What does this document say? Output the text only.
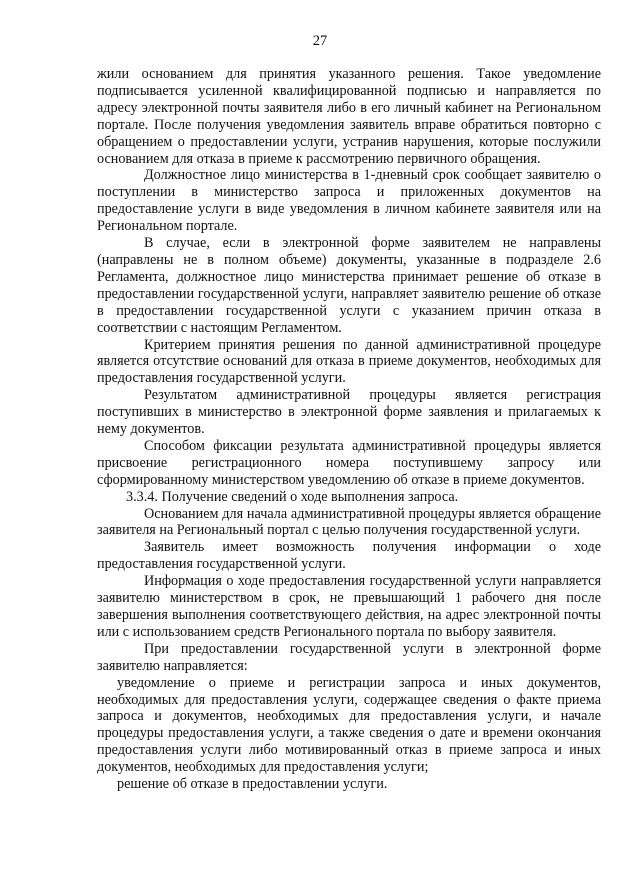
27

жили основанием для принятия указанного решения. Такое уведомление подписывается усиленной квалифицированной подписью и направляется по адресу электронной почты заявителя либо в его личный кабинет на Региональном портале. После получения уведомления заявитель вправе обратиться повторно с обращением о предоставлении услуги, устранив нарушения, которые послужили основанием для отказа в приеме к рассмотрению первичного обращения.

Должностное лицо министерства в 1-дневный срок сообщает заявителю о поступлении в министерство запроса и приложенных документов на предоставление услуги в виде уведомления в личном кабинете заявителя или на Региональном портале.

В случае, если в электронной форме заявителем не направлены (направлены не в полном объеме) документы, указанные в подразделе 2.6 Регламента, должностное лицо министерства принимает решение об отказе в предоставлении государственной услуги, направляет заявителю решение об отказе в предоставлении государственной услуги с указанием причин отказа в соответствии с настоящим Регламентом.

Критерием принятия решения по данной административной процедуре является отсутствие оснований для отказа в приеме документов, необходимых для предоставления государственной услуги.

Результатом административной процедуры является регистрация поступивших в министерство в электронной форме заявления и прилагаемых к нему документов.

Способом фиксации результата административной процедуры является присвоение регистрационного номера поступившему запросу или сформированному министерством уведомлению об отказе в приеме документов.

3.3.4. Получение сведений о ходе выполнения запроса.

Основанием для начала административной процедуры является обращение заявителя на Региональный портал с целью получения государственной услуги.

Заявитель имеет возможность получения информации о ходе предоставления государственной услуги.

Информация о ходе предоставления государственной услуги направляется заявителю министерством в срок, не превышающий 1 рабочего дня после завершения выполнения соответствующего действия, на адрес электронной почты или с использованием средств Регионального портала по выбору заявителя.

При предоставлении государственной услуги в электронной форме заявителю направляется:

уведомление о приеме и регистрации запроса и иных документов, необходимых для предоставления услуги, содержащее сведения о факте приема запроса и документов, необходимых для предоставления услуги, и начале процедуры предоставления услуги, а также сведения о дате и времени окончания предоставления услуги либо мотивированный отказ в приеме запроса и иных документов, необходимых для предоставления услуги;

решение об отказе в предоставлении услуги.
